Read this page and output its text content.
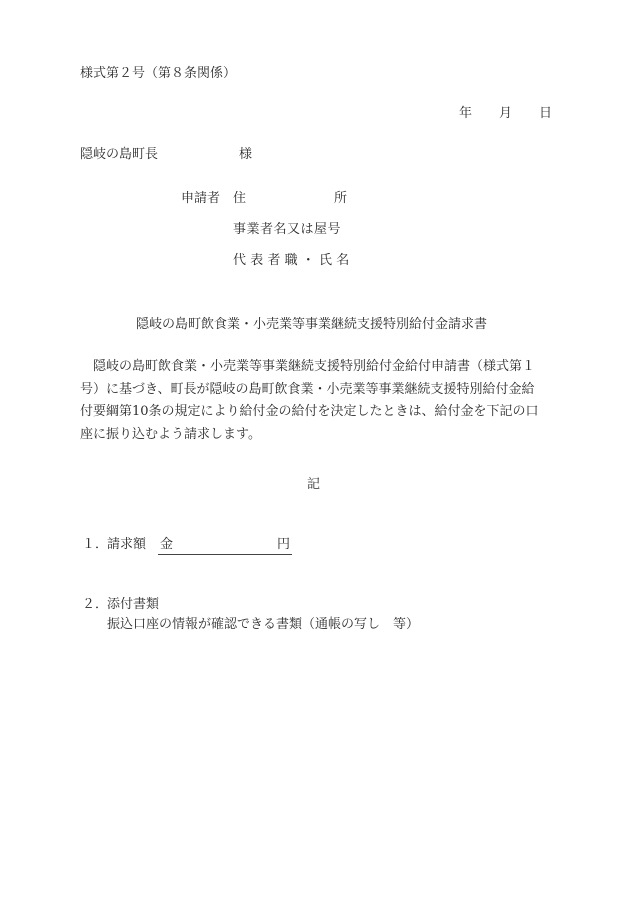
様式第２号（第８条関係）
年 月 日
隠岐の島町長	様
申請者 住	所
事業者名又は屋号
代表者職・氏名
隠岐の島町飲食業・小売業等事業継続支援特別給付金請求書
　隠岐の島町飲食業・小売業等事業継続支援特別給付金給付申請書（様式第１
号）に基づき、町長が隠岐の島町飲食業・小売業等事業継続支援特別給付金給
付要綱第10条の規定により給付金の給付を決定したときは、給付金を下記の口
座に振り込むよう請求します。
記
１．
請求額 金	円
２．
添付書類
振込口座の情報が確認できる書類（通帳の写し　等）
